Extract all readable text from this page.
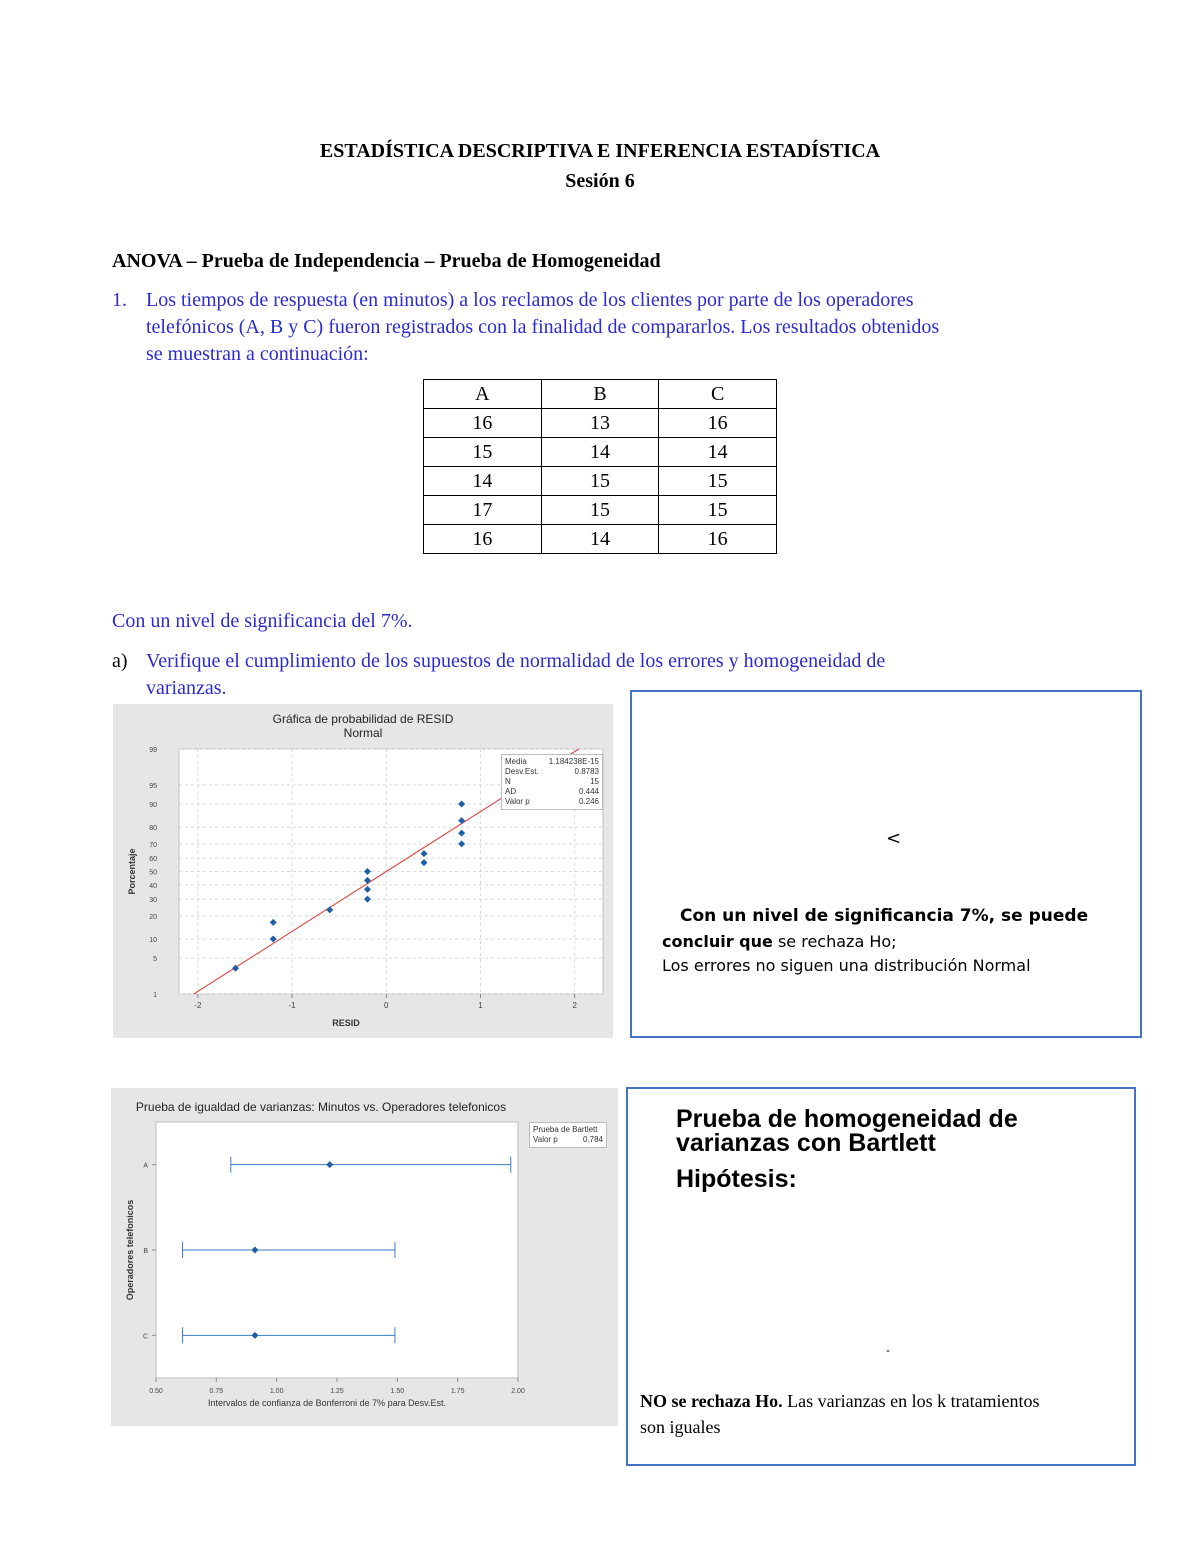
ESTADÍSTICA DESCRIPTIVA E INFERENCIA ESTADÍSTICA
Sesión 6
ANOVA – Prueba de Independencia – Prueba de Homogeneidad
1. Los tiempos de respuesta (en minutos) a los reclamos de los clientes por parte de los operadores
telefónicos (A, B y C) fueron registrados con la finalidad de compararlos. Los resultados obtenidos
se muestran a continuación:
A	B	C
16	13	16
15	14	14
14	15	15
17	15	15
16	14	16
Con un nivel de significancia del 7%.
a) Verifique el cumplimiento de los supuestos de normalidad de los errores y homogeneidad de
varianzas.
Gráfica de probabilidad de RESID
Normal
1
5
10
20
30
40
50
60
70
80
90
95
99
-2	-1	0	1	2
RESID
Porcentaje
Media	1.184238E-15
Desv.Est.	0.8783
N	15
AD	0.444
Valor p	0.246
<
Con un nivel de significancia 7%, se puede
concluir que se rechaza Ho;
Los errores no siguen una distribución Normal
Prueba de igualdad de varianzas: Minutos vs. Operadores telefonicos
0.50	0.75	1.00	1.25	1.50	1.75	2.00
A
B
C
Intervalos de confianza de Bonferroni de 7% para Desv.Est.
Operadores telefonicos
Prueba de Bartlett
Valor p	0.784
Prueba de homogeneidad de
varianzas con Bartlett
Hipótesis:
-
NO se rechaza Ho. Las varianzas en los k tratamientos
son iguales
